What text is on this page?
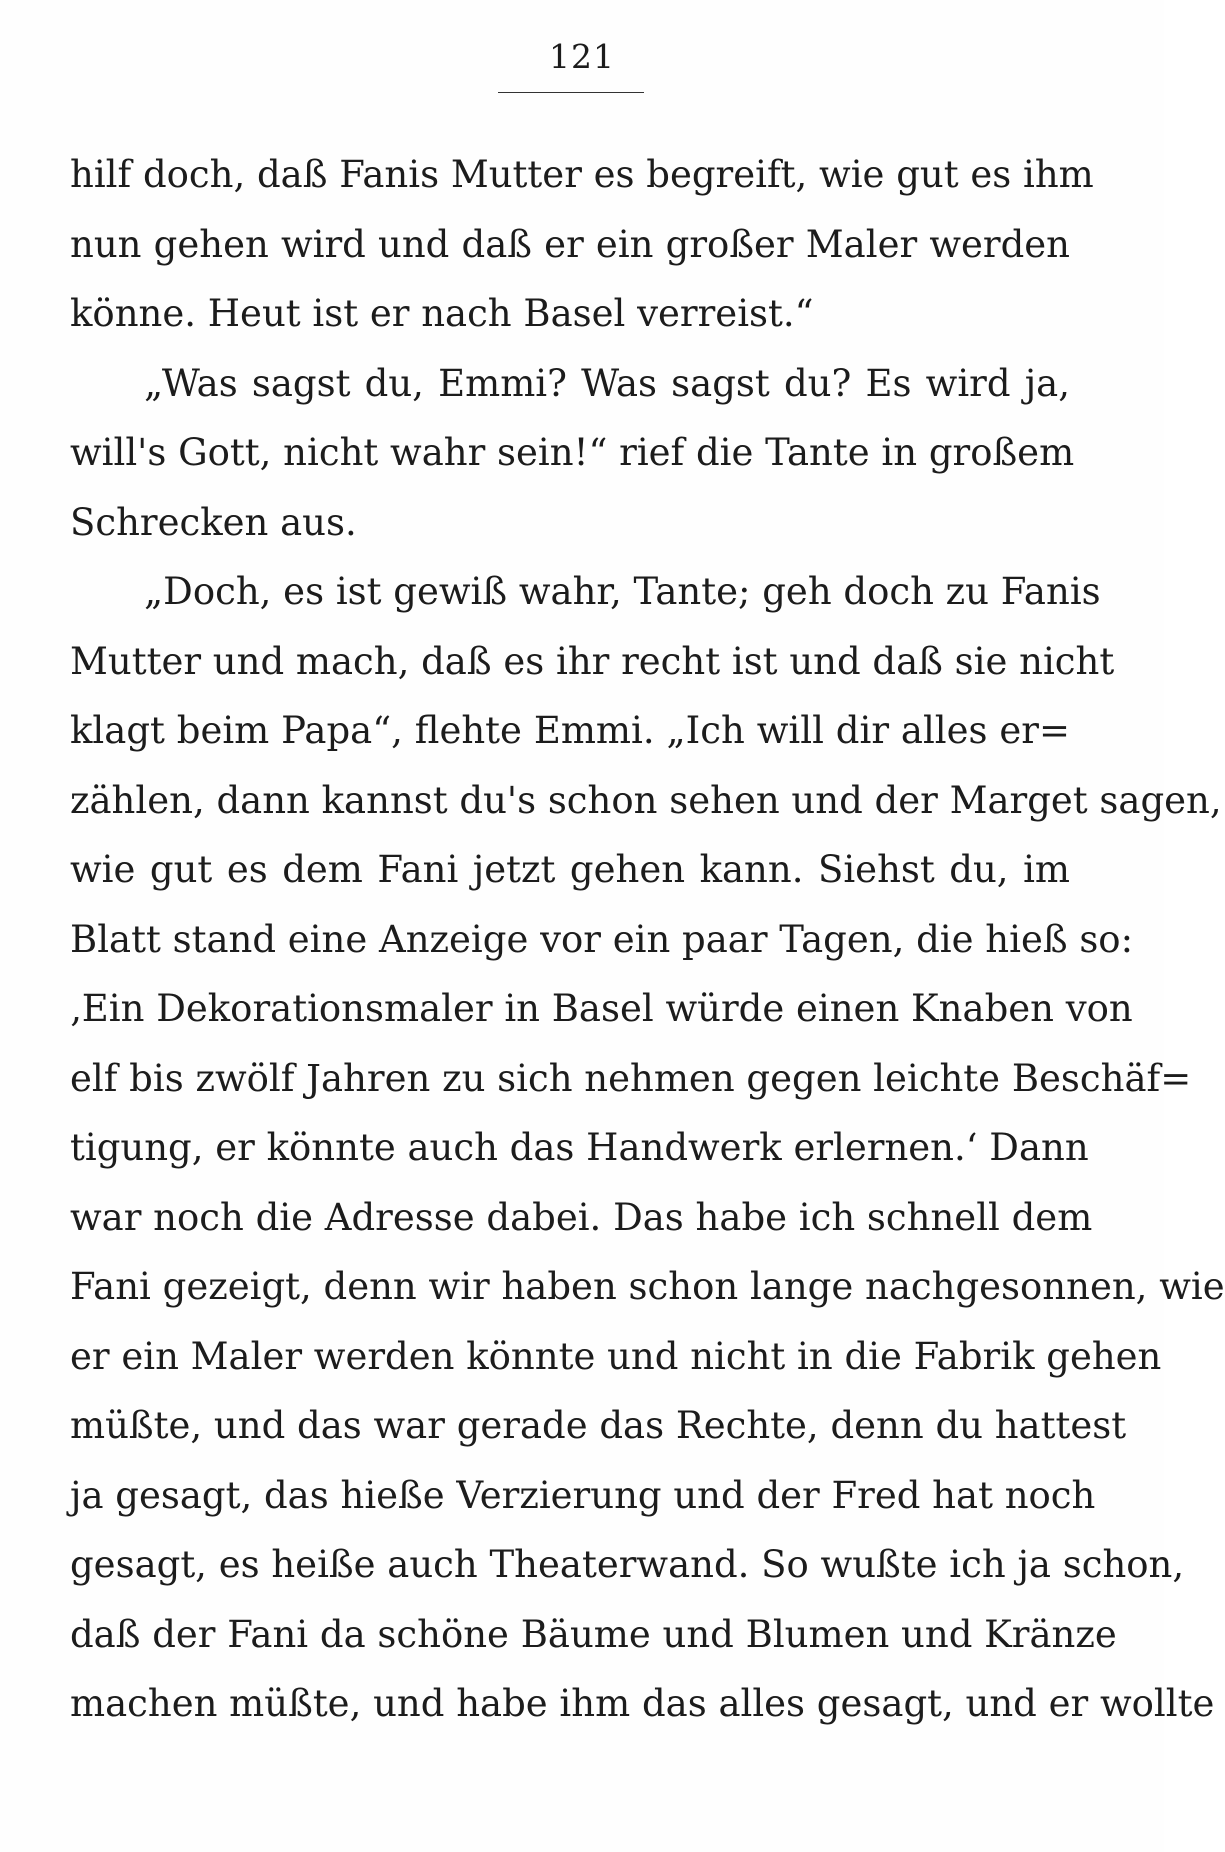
121
hilf doch, daß Fanis Mutter es begreift, wie gut es ihm
nun gehen wird und daß er ein großer Maler werden
könne. Heut ist er nach Basel verreist.“
„Was sagst du, Emmi? Was sagst du? Es wird ja,
will's Gott, nicht wahr sein!“ rief die Tante in großem
Schrecken aus.
„Doch, es ist gewiß wahr, Tante; geh doch zu Fanis
Mutter und mach, daß es ihr recht ist und daß sie nicht
klagt beim Papa“, flehte Emmi. „Ich will dir alles er=
zählen, dann kannst du's schon sehen und der Marget sagen,
wie gut es dem Fani jetzt gehen kann. Siehst du, im
Blatt stand eine Anzeige vor ein paar Tagen, die hieß so:
‚Ein Dekorationsmaler in Basel würde einen Knaben von
elf bis zwölf Jahren zu sich nehmen gegen leichte Beschäf=
tigung, er könnte auch das Handwerk erlernen.‘ Dann
war noch die Adresse dabei. Das habe ich schnell dem
Fani gezeigt, denn wir haben schon lange nachgesonnen, wie
er ein Maler werden könnte und nicht in die Fabrik gehen
müßte, und das war gerade das Rechte, denn du hattest
ja gesagt, das hieße Verzierung und der Fred hat noch
gesagt, es heiße auch Theaterwand. So wußte ich ja schon,
daß der Fani da schöne Bäume und Blumen und Kränze
machen müßte, und habe ihm das alles gesagt, und er wollte
